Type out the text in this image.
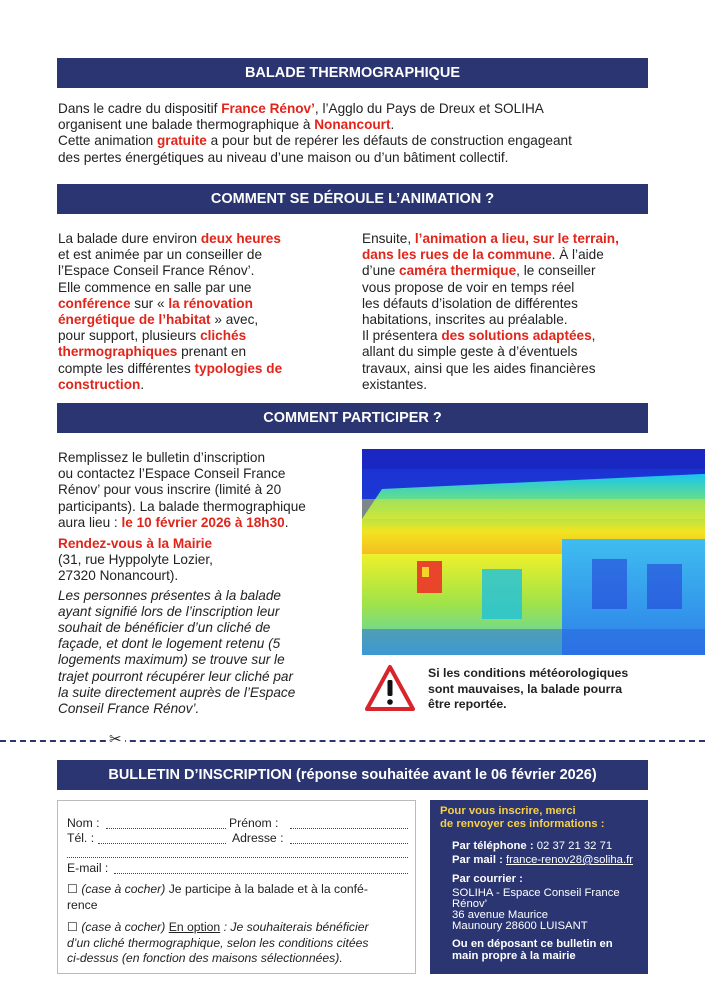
BALADE THERMOGRAPHIQUE
Dans le cadre du dispositif France Rénov’, l’Agglo du Pays de Dreux et SOLIHA
organisent une balade thermographique à Nonancourt.
Cette animation gratuite a pour but de repérer les défauts de construction engageant
des pertes énergétiques au niveau d’une maison ou d’un bâtiment collectif.
COMMENT SE DÉROULE L’ANIMATION ?
La balade dure environ deux heures
et est animée par un conseiller de
l’Espace Conseil France Rénov’.
Elle commence en salle par une
conférence sur « la rénovation
énergétique de l’habitat » avec,
pour support, plusieurs clichés
thermographiques prenant en
compte les différentes typologies de
construction.
Ensuite, l’animation a lieu, sur le terrain,
dans les rues de la commune. À l’aide
d’une caméra thermique, le conseiller
vous propose de voir en temps réel
les défauts d’isolation de différentes
habitations, inscrites au préalable.
Il présentera des solutions adaptées,
allant du simple geste à d’éventuels
travaux, ainsi que les aides financières
existantes.
COMMENT PARTICIPER ?
Remplissez le bulletin d’inscription
ou contactez l’Espace Conseil France
Rénov’ pour vous inscrire (limité à 20
participants). La balade thermographique
aura lieu : le 10 février 2026 à 18h30.
Rendez-vous à la Mairie
(31, rue Hyppolyte Lozier,
27320 Nonancourt).
Les personnes présentes à la balade
ayant signifié lors de l’inscription leur
souhait de bénéficier d’un cliché de
façade, et dont le logement retenu (5
logements maximum) se trouve sur le
trajet pourront récupérer leur cliché par
la suite directement auprès de l’Espace
Conseil France Rénov’.
Si les conditions météorologiques
sont mauvaises, la balade pourra
être reportée.
✂
BULLETIN D’INSCRIPTION (réponse souhaitée avant le 06 février 2026)
Nom :	Prénom :
Tél. :	Adresse :
E-mail :
☐ (case à cocher) Je participe à la balade et à la confé-
rence
☐ (case à cocher) En option : Je souhaiterais bénéficier
d’un cliché thermographique, selon les conditions citées
ci-dessus (en fonction des maisons sélectionnées).
Pour vous inscrire, merci
de renvoyer ces informations :
Par téléphone : 02 37 21 32 71
Par mail : france-renov28@soliha.fr
Par courrier :
SOLIHA - Espace Conseil France
Rénov’
36 avenue Maurice
Maunoury 28600 LUISANT
Ou en déposant ce bulletin en
main propre à la mairie
